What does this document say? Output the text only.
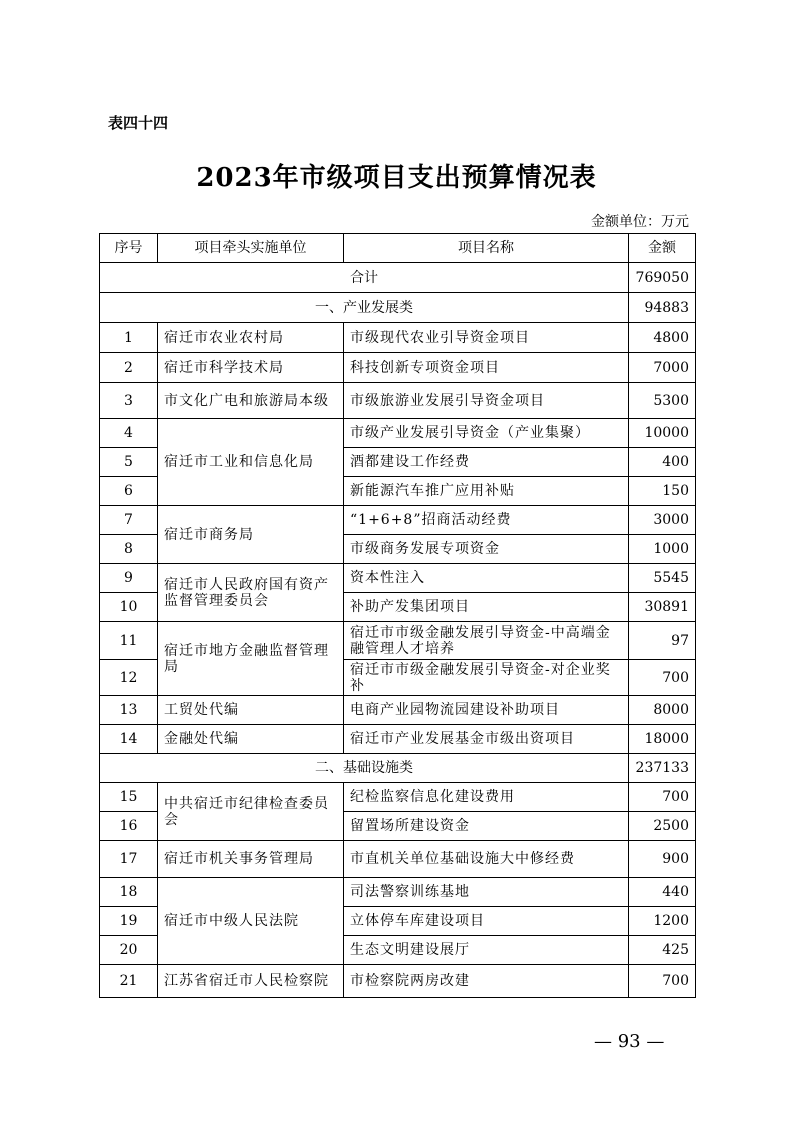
表四十四
2023年市级项目支出预算情况表
金额单位：万元
序号	项目牵头实施单位	项目名称	金额
合计			769050
一、产业发展类			94883
1	宿迁市农业农村局	市级现代农业引导资金项目	4800
2	宿迁市科学技术局	科技创新专项资金项目	7000
3	市文化广电和旅游局本级	市级旅游业发展引导资金项目	5300
4	宿迁市工业和信息化局	市级产业发展引导资金（产业集聚）	10000
5		酒都建设工作经费	400
6		新能源汽车推广应用补贴	150
7	宿迁市商务局	“1+6+8”招商活动经费	3000
8		市级商务发展专项资金	1000
9	宿迁市人民政府国有资产监督管理委员会	资本性注入	5545
10		补助产发集团项目	30891
11	宿迁市地方金融监督管理局	宿迁市市级金融发展引导资金-中高端金融管理人才培养	97
12		宿迁市市级金融发展引导资金-对企业奖补	700
13	工贸处代编	电商产业园物流园建设补助项目	8000
14	金融处代编	宿迁市产业发展基金市级出资项目	18000
二、基础设施类			237133
15	中共宿迁市纪律检查委员会	纪检监察信息化建设费用	700
16		留置场所建设资金	2500
17	宿迁市机关事务管理局	市直机关单位基础设施大中修经费	900
18	宿迁市中级人民法院	司法警察训练基地	440
19		立体停车库建设项目	1200
20		生态文明建设展厅	425
21	江苏省宿迁市人民检察院	市检察院两房改建	700
— 93 —
